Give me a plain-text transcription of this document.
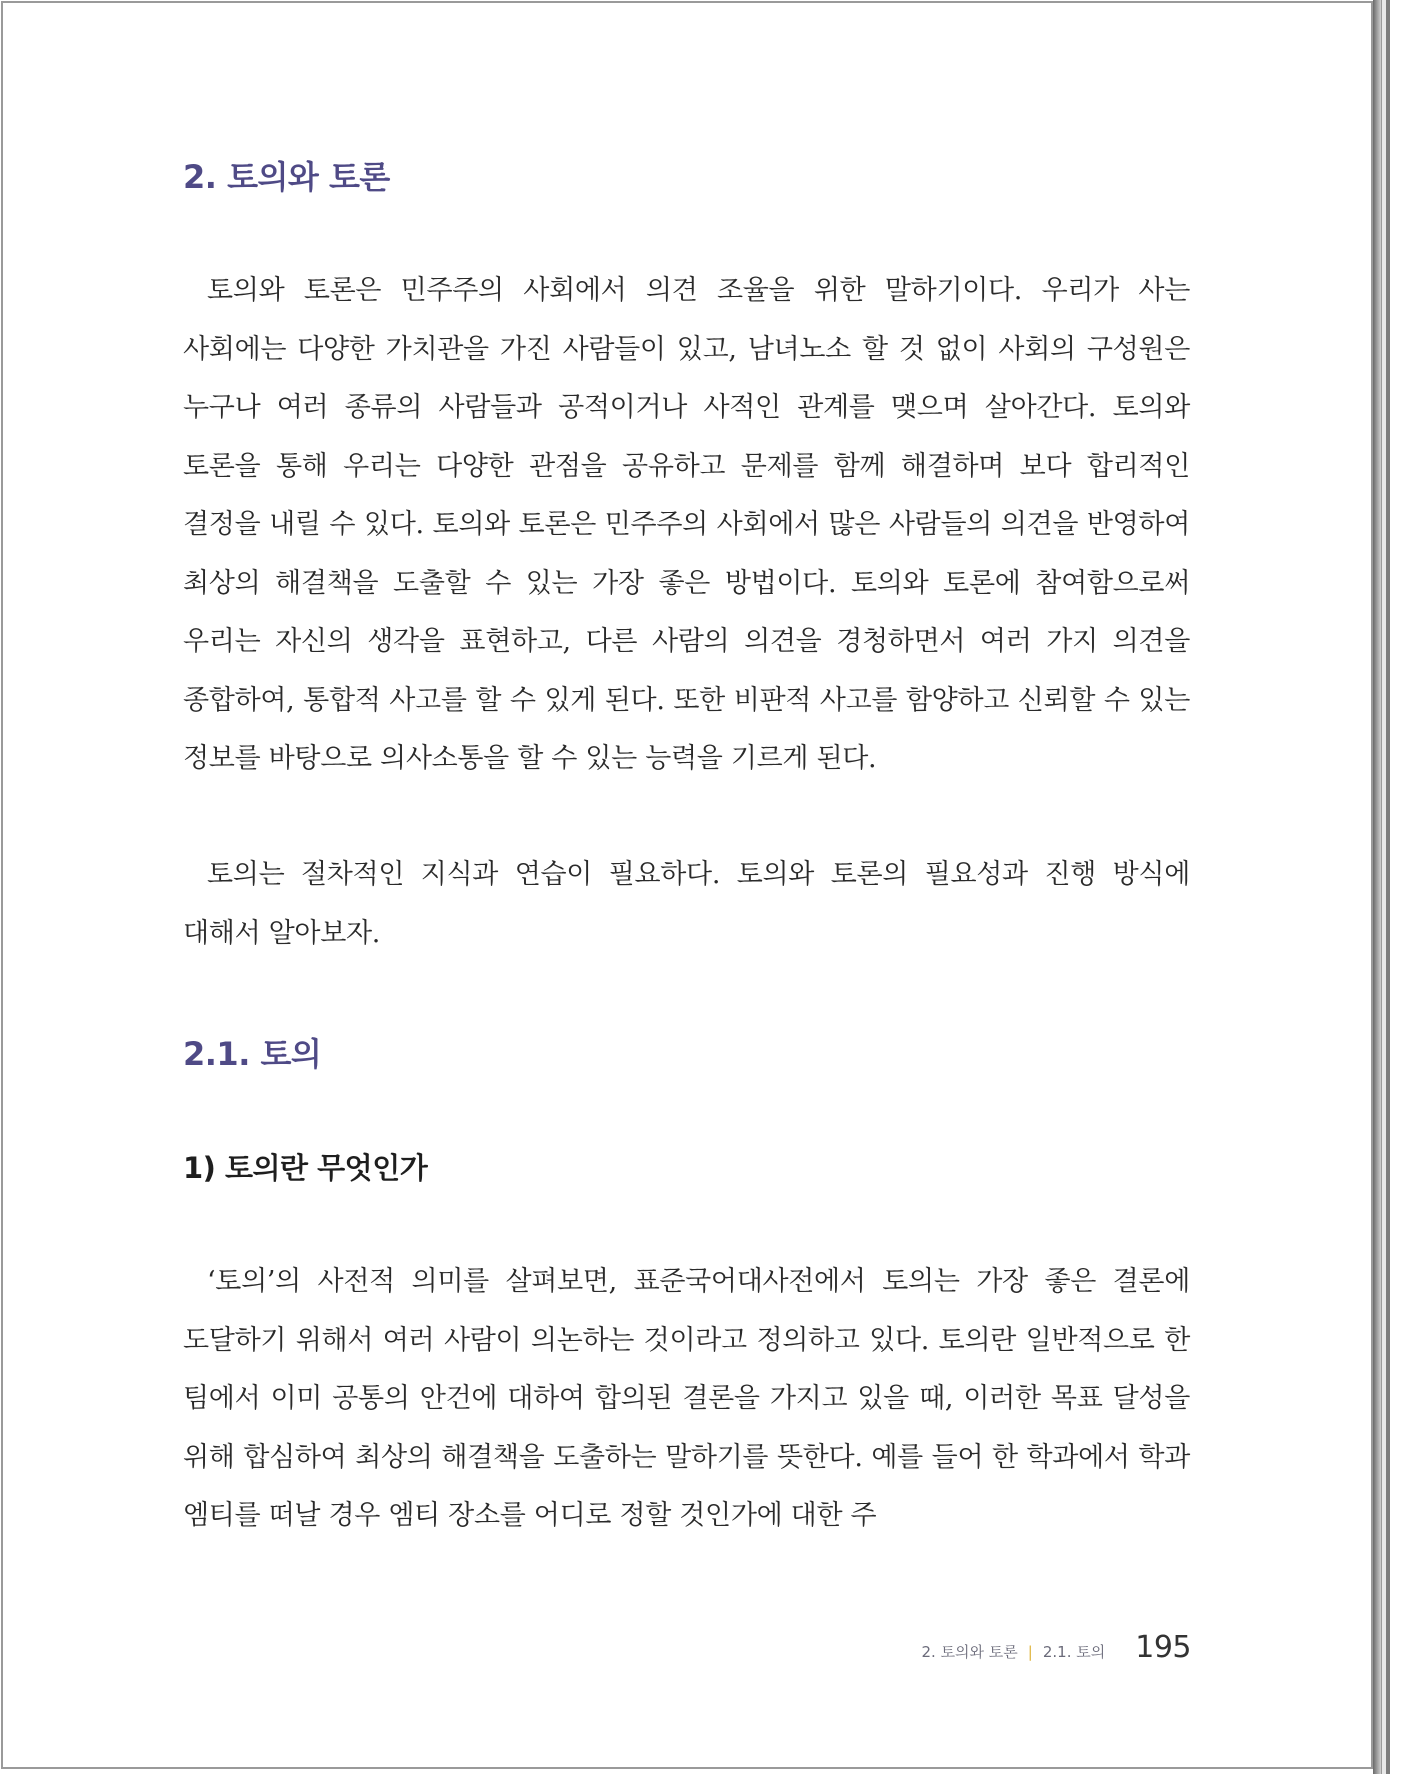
2. 토의와 토론

토의와 토론은 민주주의 사회에서 의견 조율을 위한 말하기이다. 우리가 사는 사회에는 다양한 가치관을 가진 사람들이 있고, 남녀노소 할 것 없이 사회의 구성원은 누구나 여러 종류의 사람들과 공적이거나 사적인 관계를 맺으며 살아간다. 토의와 토론을 통해 우리는 다양한 관점을 공유하고 문제를 함께 해결하며 보다 합리적인 결정을 내릴 수 있다. 토의와 토론은 민주주의 사회에서 많은 사람들의 의견을 반영하여 최상의 해결책을 도출할 수 있는 가장 좋은 방법이다. 토의와 토론에 참여함으로써 우리는 자신의 생각을 표현하고, 다른 사람의 의견을 경청하면서 여러 가지 의견을 종합하여, 통합적 사고를 할 수 있게 된다. 또한 비판적 사고를 함양하고 신뢰할 수 있는 정보를 바탕으로 의사소통을 할 수 있는 능력을 기르게 된다.

토의는 절차적인 지식과 연습이 필요하다. 토의와 토론의 필요성과 진행 방식에 대해서 알아보자.

2.1. 토의
1) 토의란 무엇인가

‘토의’의 사전적 의미를 살펴보면, 표준국어대사전에서 토의는 가장 좋은 결론에 도달하기 위해서 여러 사람이 의논하는 것이라고 정의하고 있다. 토의란 일반적으로 한 팀에서 이미 공통의 안건에 대하여 합의된 결론을 가지고 있을 때, 이러한 목표 달성을 위해 합심하여 최상의 해결책을 도출하는 말하기를 뜻한다. 예를 들어 한 학과에서 학과 엠티를 떠날 경우 엠티 장소를 어디로 정할 것인가에 대한 주

2. 토의와 토론 | 2.1. 토의 195
